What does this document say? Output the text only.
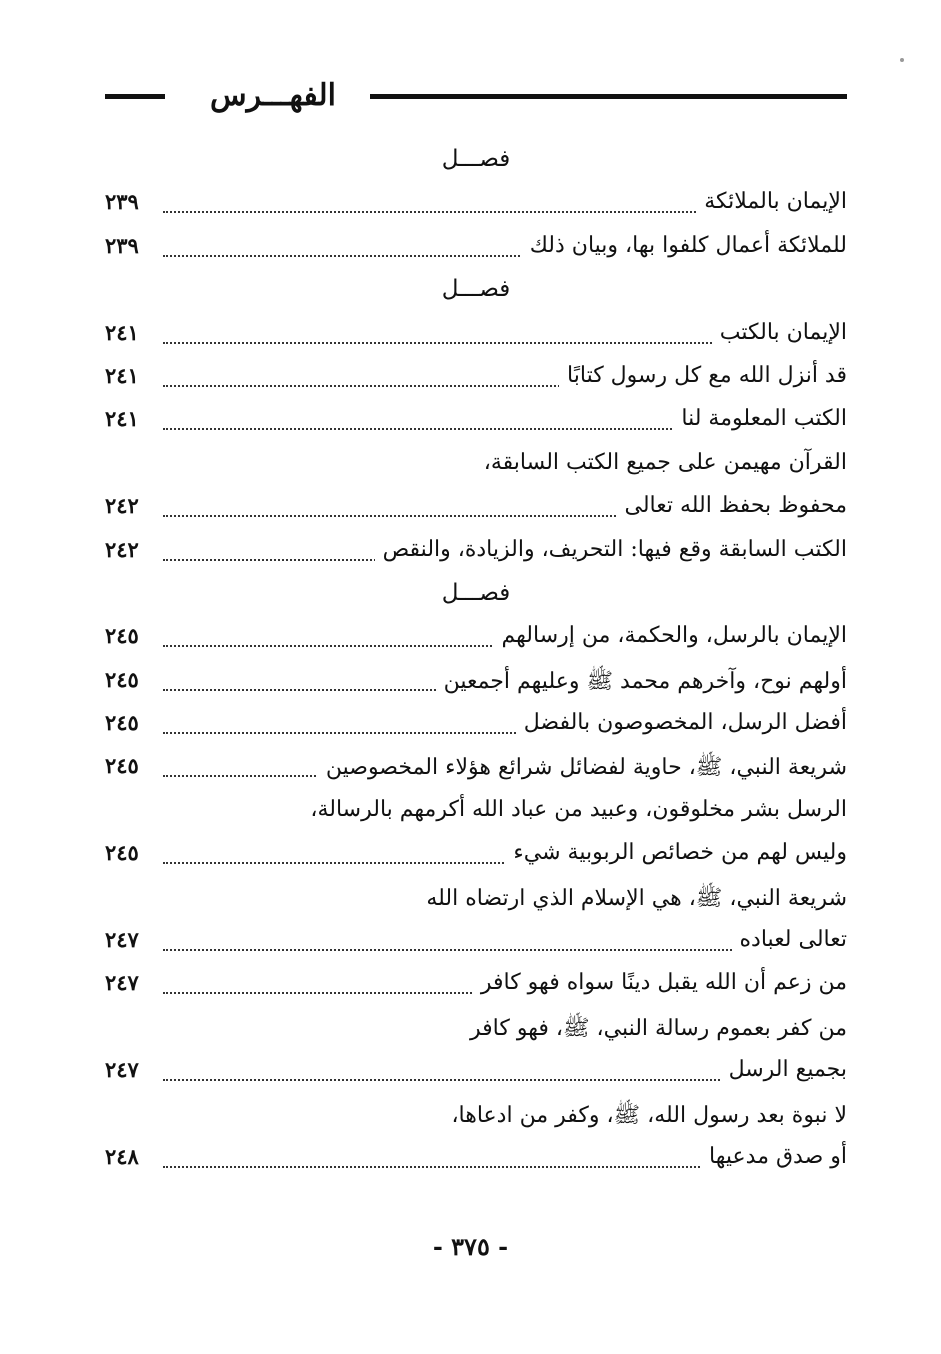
الفهـــرس
فصـــل
الإيمان بالملائكة
٢٣٩
للملائكة أعمال كلفوا بها، وبيان ذلك
٢٣٩
فصـــل
الإيمان بالكتب
٢٤١
قد أنزل الله مع كل رسول كتابًا
٢٤١
الكتب المعلومة لنا
٢٤١
القرآن مهيمن على جميع الكتب السابقة،
محفوظ بحفظ الله تعالى
٢٤٢
الكتب السابقة وقع فيها: التحريف، والزيادة، والنقص
٢٤٢
فصـــل
الإيمان بالرسل، والحكمة، من إرسالهم
٢٤٥
أولهم نوح، وآخرهم محمد ﷺ وعليهم أجمعين
٢٤٥
أفضل الرسل، المخصوصون بالفضل
٢٤٥
شريعة النبي، ﷺ، حاوية لفضائل شرائع هؤلاء المخصوصين
٢٤٥
الرسل بشر مخلوقون، وعبيد من عباد الله أكرمهم بالرسالة،
وليس لهم من خصائص الربوبية شيء
٢٤٥
شريعة النبي، ﷺ، هي الإسلام الذي ارتضاه الله
تعالى لعباده
٢٤٧
من زعم أن الله يقبل دينًا سواه فهو كافر
٢٤٧
من كفر بعموم رسالة النبي، ﷺ، فهو كافر
بجميع الرسل
٢٤٧
لا نبوة بعد رسول الله، ﷺ، وكفر من ادعاها،
أو صدق مدعيها
٢٤٨
- ٣٧٥ -
